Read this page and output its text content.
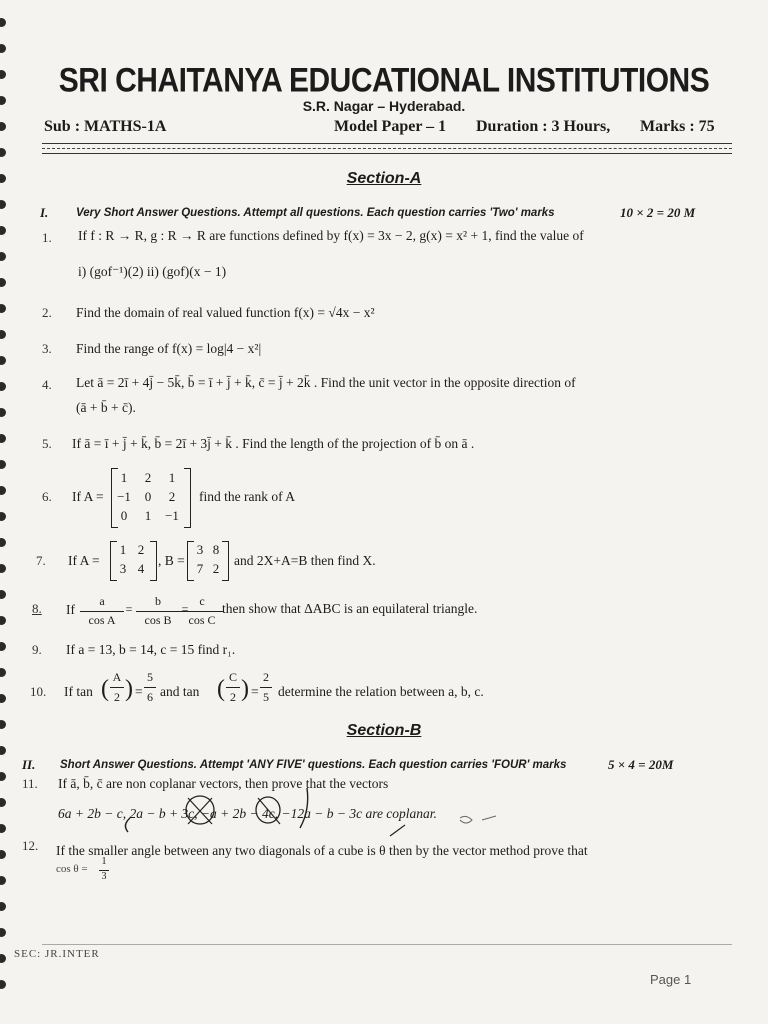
SRI CHAITANYA EDUCATIONAL INSTITUTIONS
S.R. Nagar – Hyderabad.
Sub : MATHS-1A	Model Paper – 1 Duration : 3 Hours, Marks : 75
Section-A
I. Very Short Answer Questions. Attempt all questions. Each question carries 'Two' marks	10 × 2 = 20 M
1. If f : R → R, g : R → R are functions defined by f(x) = 3x − 2, g(x) = x² + 1, find the value of
i) (gof⁻¹)(2) ii) (gof)(x − 1)
2. Find the domain of real valued function f(x) = √4x − x²
3. Find the range of f(x) = log|4 − x²|
4. Let ā = 2ī + 4j̄ − 5k̄, b̄ = ī + j̄ + k̄, c̄ = j̄ + 2k̄ . Find the unit vector in the opposite direction of
(ā + b̄ + c̄).
5. If ā = ī + j̄ + k̄, b̄ = 2ī + 3j̄ + k̄ . Find the length of the projection of b̄ on ā .
6. If A =
1	2	1
−1	0	2
0	1	−1
find the rank of A
7. If A =
1 2
3 4
, B =
3 8
7 2
and 2X+A=B then find X.
8. If
a
cos A
=
b
cos B
=
c
cos C
then show that ΔABC is an equilateral triangle.
9. If a = 13, b = 14, c = 15 find r₁.
10. If tan ( A
2 ) =
5
6 and tan ( C
2 ) =
2
5 determine the relation between a, b, c.
Section-B
II. Short Answer Questions. Attempt 'ANY FIVE' questions. Each question carries 'FOUR' marks	5 × 4 = 20M
11. If ā, b̄, c̄ are non coplanar vectors, then prove that the vectors
6a + 2b − c, 2a − b + 3c, −a + 2b − 4c, −12a − b − 3c are coplanar.
12. If the smaller angle between any two diagonals of a cube is θ then by the vector method prove that
cos θ =
1
3
SEC: JR.INTER
Page 1
